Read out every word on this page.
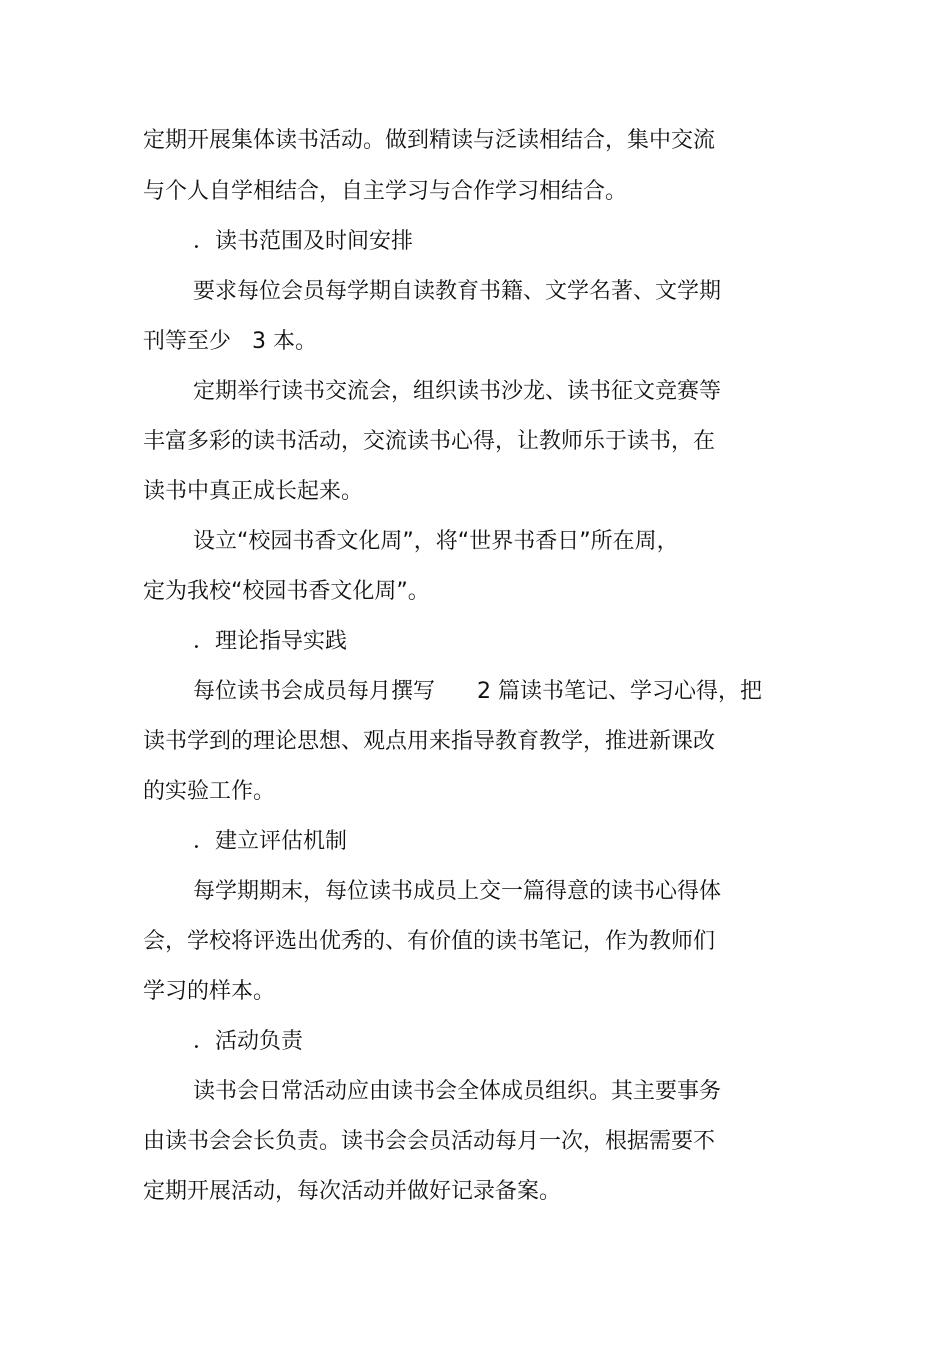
定期开展集体读书活动。做到精读与泛读相结合，集中交流

与个人自学相结合，自主学习与合作学习相结合。

．读书范围及时间安排

要求每位会员每学期自读教育书籍、文学名著、文学期

刊等至少   3 本。

定期举行读书交流会，组织读书沙龙、读书征文竞赛等

丰富多彩的读书活动，交流读书心得，让教师乐于读书，在

读书中真正成长起来。

设立“校园书香文化周”，将“世界书香日”所在周，

定为我校“校园书香文化周”。

．理论指导实践

每位读书会成员每月撰写      2 篇读书笔记、学习心得，把

读书学到的理论思想、观点用来指导教育教学，推进新课改

的实验工作。

．建立评估机制

每学期期末，每位读书成员上交一篇得意的读书心得体

会，学校将评选出优秀的、有价值的读书笔记，作为教师们

学习的样本。

．活动负责

读书会日常活动应由读书会全体成员组织。其主要事务

由读书会会长负责。读书会会员活动每月一次，根据需要不

定期开展活动，每次活动并做好记录备案。
